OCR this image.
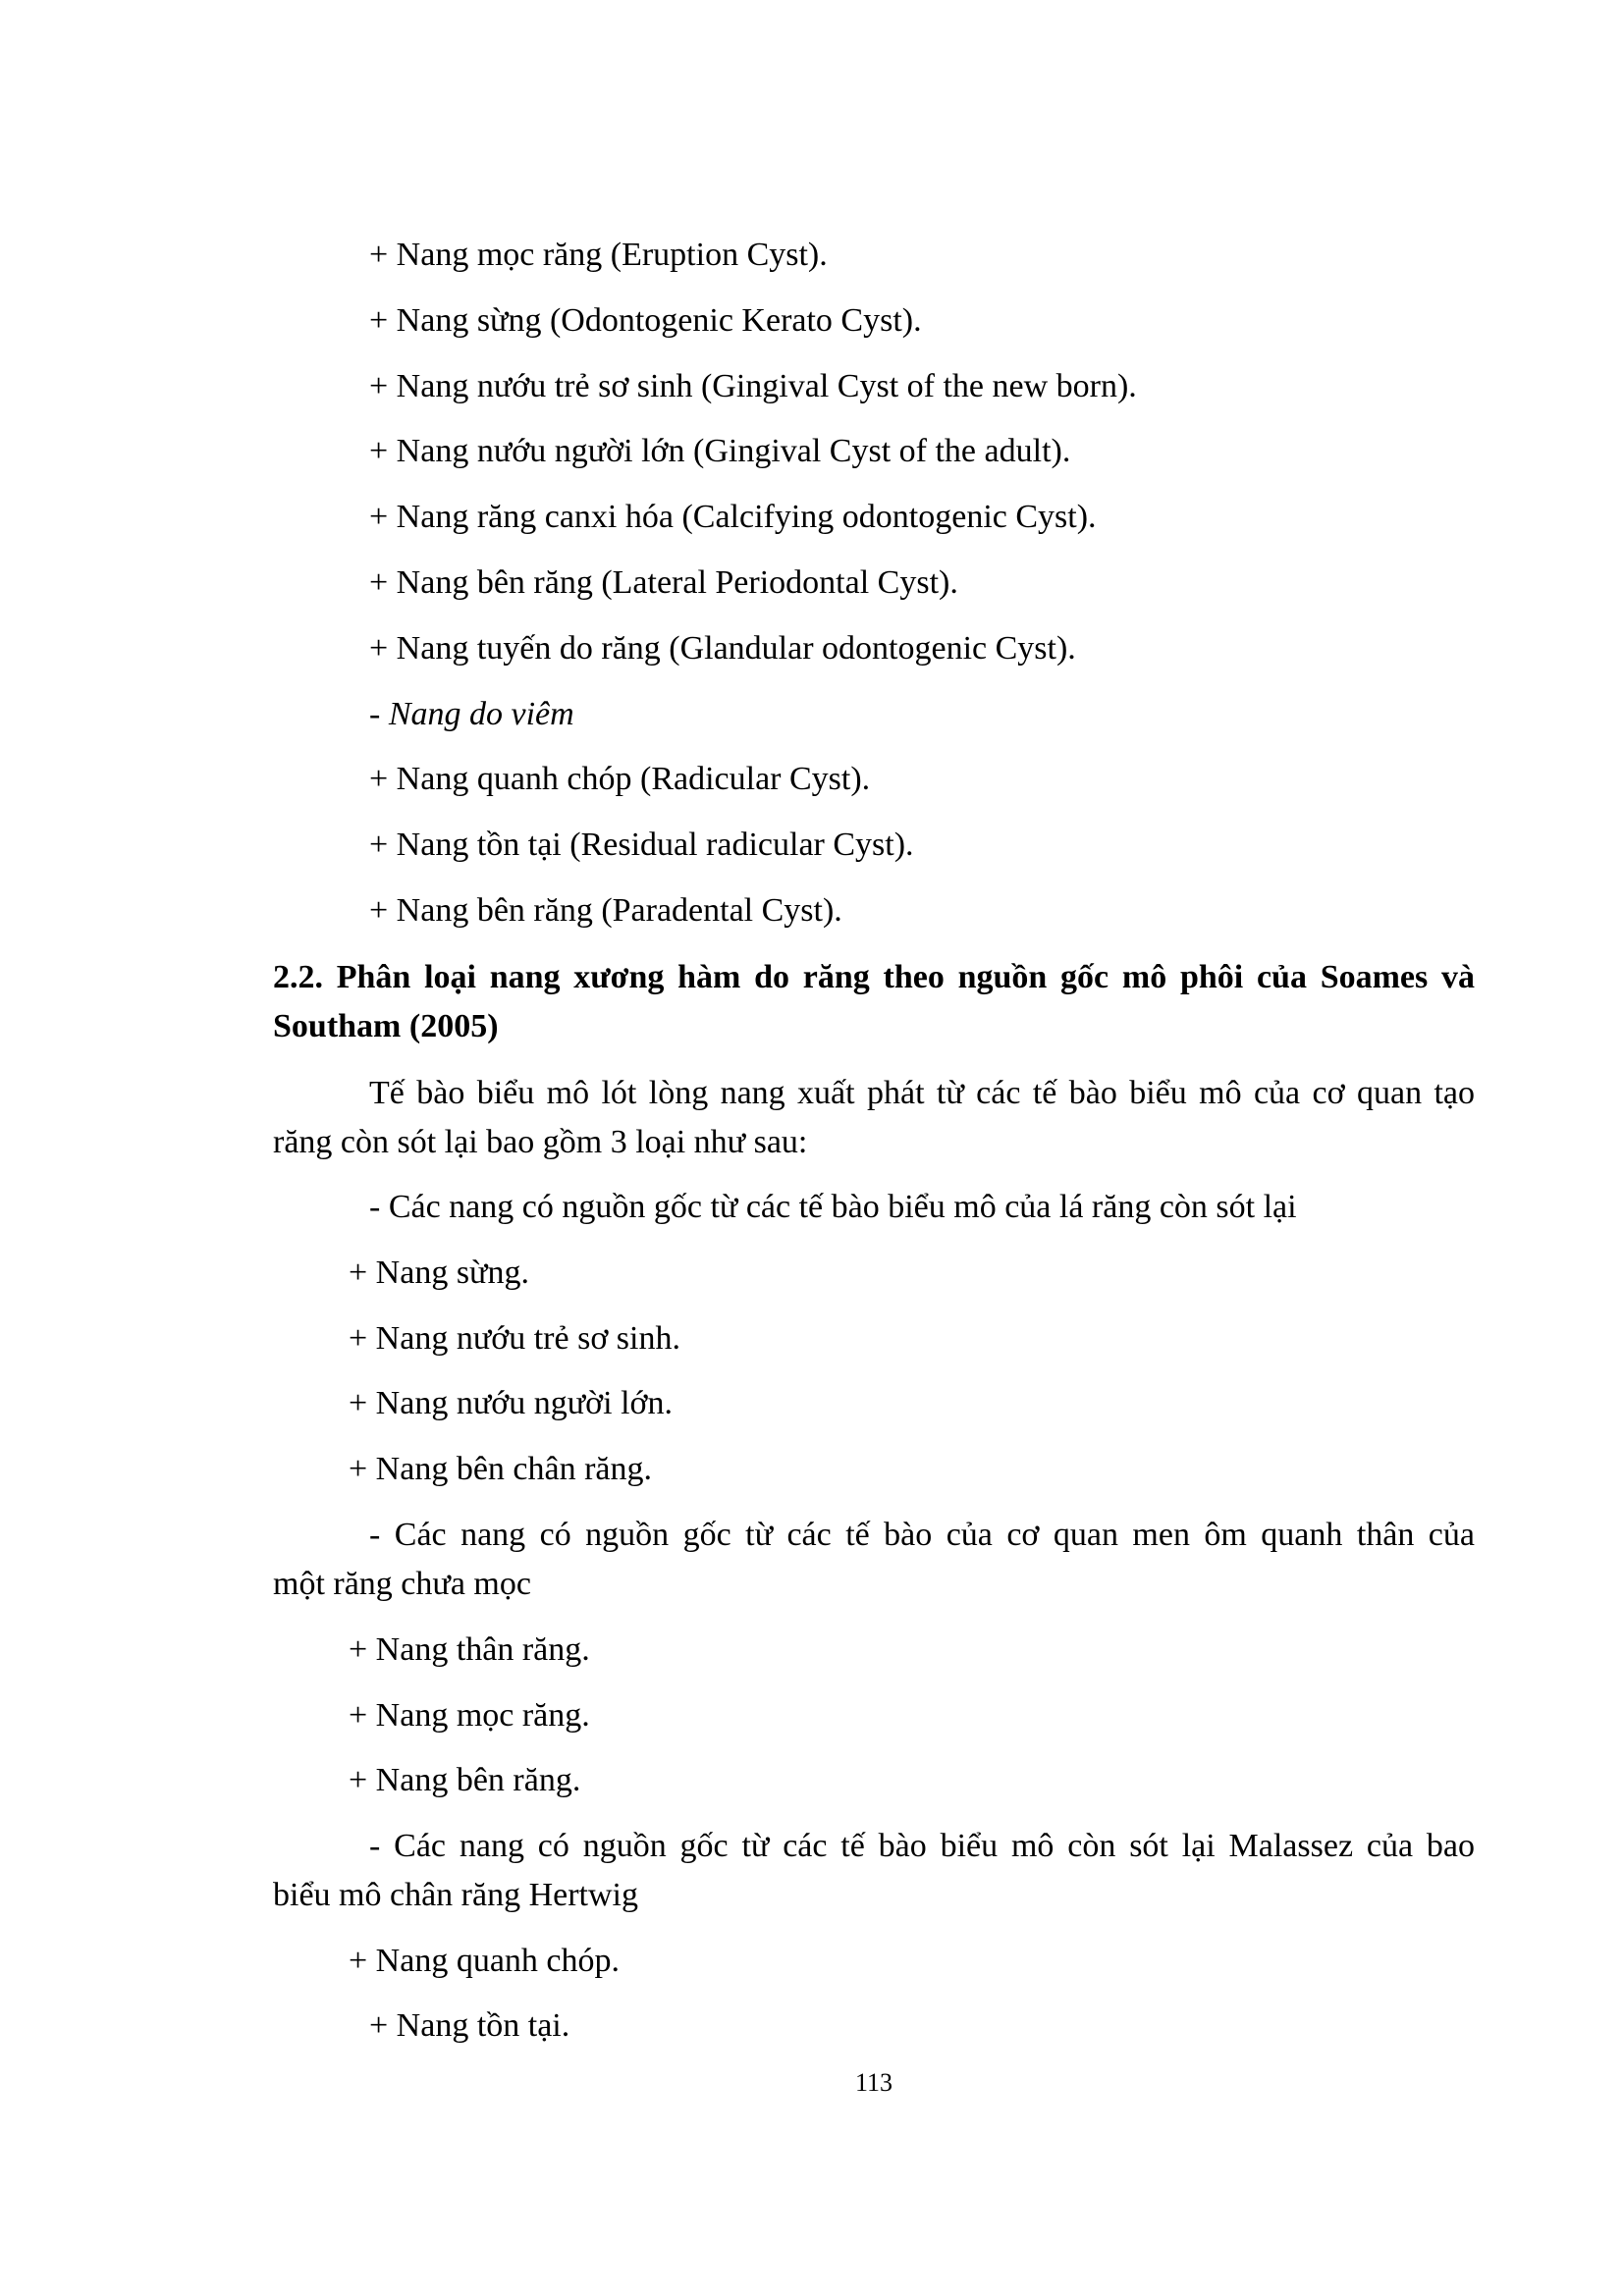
+ Nang mọc răng (Eruption Cyst).
+ Nang sừng (Odontogenic Kerato Cyst).
+ Nang nướu trẻ sơ sinh (Gingival Cyst of the new born).
+ Nang nướu người lớn (Gingival Cyst of the adult).
+ Nang răng canxi hóa (Calcifying odontogenic Cyst).
+ Nang bên răng (Lateral Periodontal Cyst).
+ Nang tuyến do răng (Glandular odontogenic Cyst).
- Nang do viêm
+ Nang quanh chóp (Radicular Cyst).
+ Nang tồn tại (Residual radicular Cyst).
+ Nang bên răng (Paradental Cyst).
2.2. Phân loại nang xương hàm do răng theo nguồn gốc mô phôi của Soames và
Southam (2005)
Tế bào biểu mô lót lòng nang xuất phát từ các tế bào biểu mô của cơ quan tạo
răng còn sót lại bao gồm 3 loại như sau:
- Các nang có nguồn gốc từ các tế bào biểu mô của lá răng còn sót lại
+ Nang sừng.
+ Nang nướu trẻ sơ sinh.
+ Nang nướu người lớn.
+ Nang bên chân răng.
- Các nang có nguồn gốc từ các tế bào của cơ quan men ôm quanh thân của
một răng chưa mọc
+ Nang thân răng.
+ Nang mọc răng.
+ Nang bên răng.
- Các nang có nguồn gốc từ các tế bào biểu mô còn sót lại Malassez của bao
biểu mô chân răng Hertwig
+ Nang quanh chóp.
+ Nang tồn tại.
113
